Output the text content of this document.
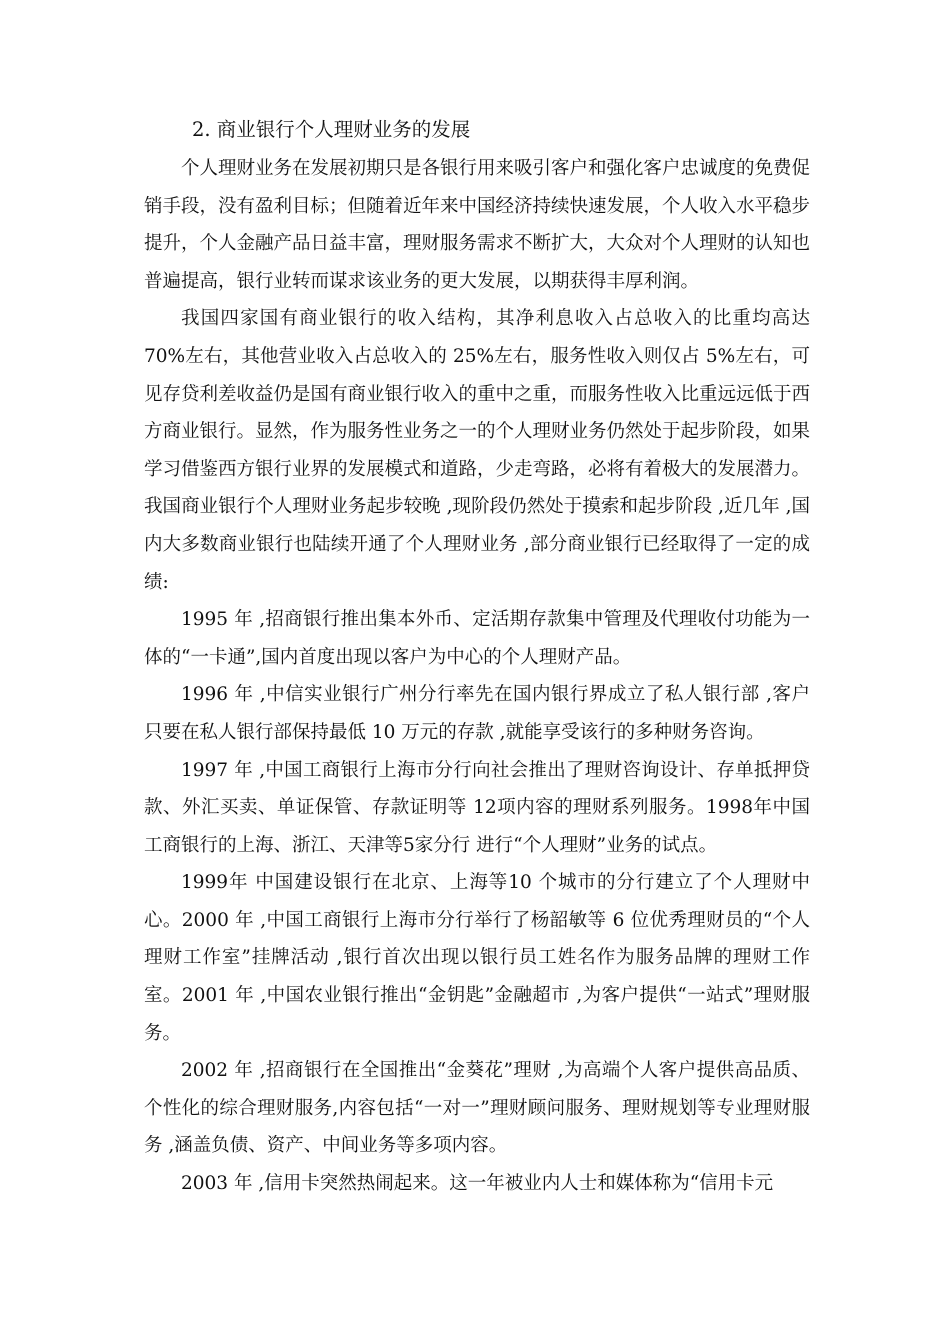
2. 商业银行个人理财业务的发展

个人理财业务在发展初期只是各银行用来吸引客户和强化客户忠诚度的免费促销手段，没有盈利目标；但随着近年来中国经济持续快速发展，个人收入水平稳步提升，个人金融产品日益丰富，理财服务需求不断扩大，大众对个人理财的认知也普遍提高，银行业转而谋求该业务的更大发展，以期获得丰厚利润。

我国四家国有商业银行的收入结构，其净利息收入占总收入的比重均高达70%左右，其他营业收入占总收入的 25%左右，服务性收入则仅占 5%左右，可见存贷利差收益仍是国有商业银行收入的重中之重，而服务性收入比重远远低于西方商业银行。显然，作为服务性业务之一的个人理财业务仍然处于起步阶段，如果学习借鉴西方银行业界的发展模式和道路，少走弯路，必将有着极大的发展潜力。我国商业银行个人理财业务起步较晚 ,现阶段仍然处于摸索和起步阶段 ,近几年 ,国内大多数商业银行也陆续开通了个人理财业务 ,部分商业银行已经取得了一定的成绩:

1995 年 ,招商银行推出集本外币、定活期存款集中管理及代理收付功能为一体的“一卡通”,国内首度出现以客户为中心的个人理财产品。

1996 年 ,中信实业银行广州分行率先在国内银行界成立了私人银行部 ,客户只要在私人银行部保持最低 10 万元的存款 ,就能享受该行的多种财务咨询。

1997 年 ,中国工商银行上海市分行向社会推出了理财咨询设计、存单抵押贷款、外汇买卖、单证保管、存款证明等 12项内容的理财系列服务。1998年中国工商银行的上海、浙江、天津等5家分行 进行“个人理财”业务的试点。

1999年 中国建设银行在北京、上海等10 个城市的分行建立了个人理财中心。2000 年 ,中国工商银行上海市分行举行了杨韶敏等 6 位优秀理财员的“个人理财工作室”挂牌活动 ,银行首次出现以银行员工姓名作为服务品牌的理财工作室。2001 年 ,中国农业银行推出“金钥匙”金融超市 ,为客户提供“一站式”理财服务。

2002 年 ,招商银行在全国推出“金葵花”理财 ,为高端个人客户提供高品质、个性化的综合理财服务,内容包括“一对一”理财顾问服务、理财规划等专业理财服务 ,涵盖负债、资产、中间业务等多项内容。

2003 年 ,信用卡突然热闹起来。这一年被业内人士和媒体称为“信用卡元
